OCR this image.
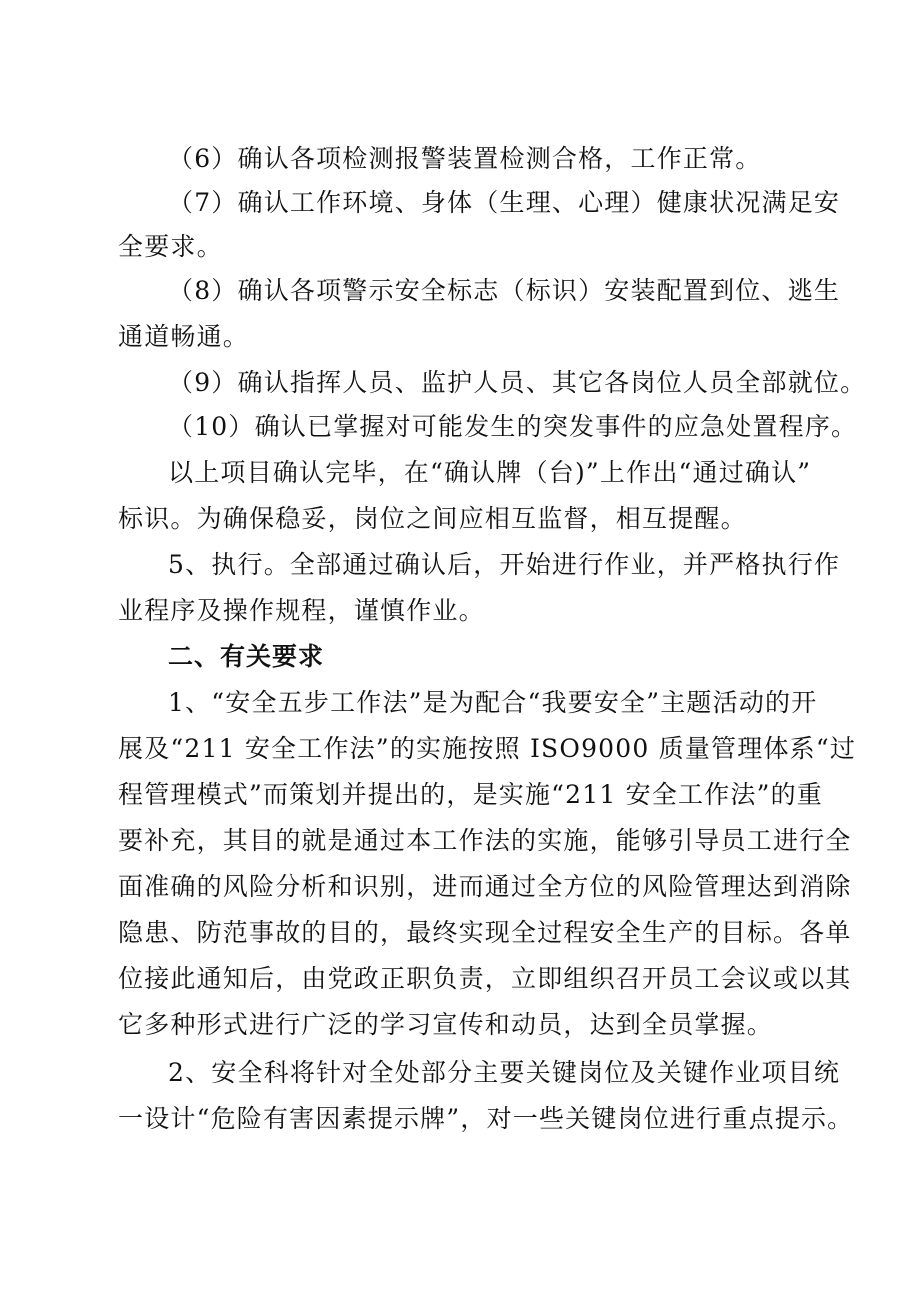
（6）确认各项检测报警装置检测合格，工作正常。
（7）确认工作环境、身体（生理、心理）健康状况满足安
全要求。
（8）确认各项警示安全标志（标识）安装配置到位、逃生
通道畅通。
（9）确认指挥人员、监护人员、其它各岗位人员全部就位。
（10）确认已掌握对可能发生的突发事件的应急处置程序。
以上项目确认完毕，在“确认牌（台)”上作出“通过确认”
标识。为确保稳妥，岗位之间应相互监督，相互提醒。
5、执行。全部通过确认后，开始进行作业，并严格执行作
业程序及操作规程，谨慎作业。
二、有关要求
1、“安全五步工作法”是为配合“我要安全”主题活动的开
展及“211 安全工作法”的实施按照 ISO9000 质量管理体系“过
程管理模式”而策划并提出的，是实施“211 安全工作法”的重
要补充，其目的就是通过本工作法的实施，能够引导员工进行全
面准确的风险分析和识别，进而通过全方位的风险管理达到消除
隐患、防范事故的目的，最终实现全过程安全生产的目标。各单
位接此通知后，由党政正职负责，立即组织召开员工会议或以其
它多种形式进行广泛的学习宣传和动员，达到全员掌握。
2、安全科将针对全处部分主要关键岗位及关键作业项目统
一设计“危险有害因素提示牌”，对一些关键岗位进行重点提示。
